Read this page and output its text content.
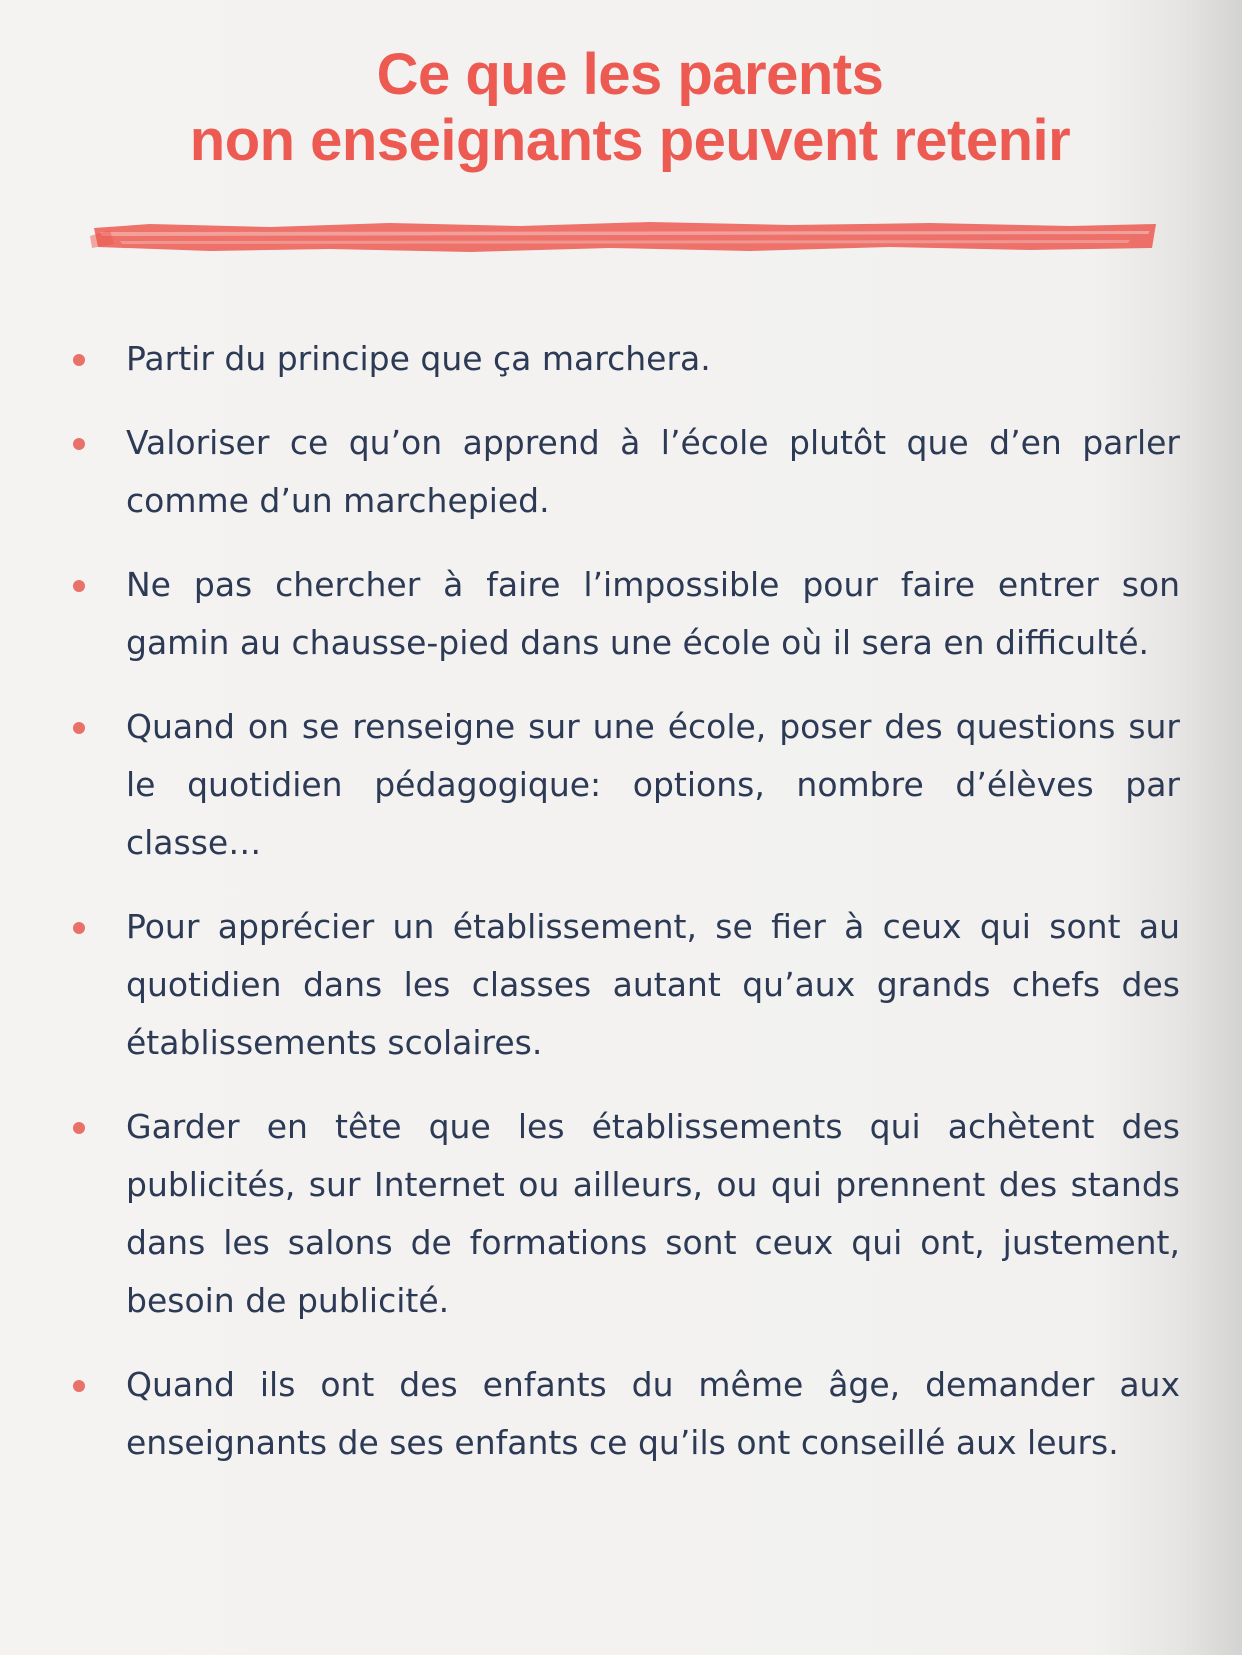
Ce que les parents
non enseignants peuvent retenir
Partir du principe que ça marchera.
Valoriser ce qu’on apprend à l’école plutôt que d’en parler comme d’un marchepied.
Ne pas chercher à faire l’impossible pour faire entrer son gamin au chausse-pied dans une école où il sera en difficulté.
Quand on se renseigne sur une école, poser des questions sur le quotidien pédagogique: options, nombre d’élèves par classe…
Pour apprécier un établissement, se fier à ceux qui sont au quotidien dans les classes autant qu’aux grands chefs des établissements scolaires.
Garder en tête que les établissements qui achètent des publicités, sur Internet ou ailleurs, ou qui prennent des stands dans les salons de formations sont ceux qui ont, justement, besoin de publicité.
Quand ils ont des enfants du même âge, demander aux enseignants de ses enfants ce qu’ils ont conseillé aux leurs.
